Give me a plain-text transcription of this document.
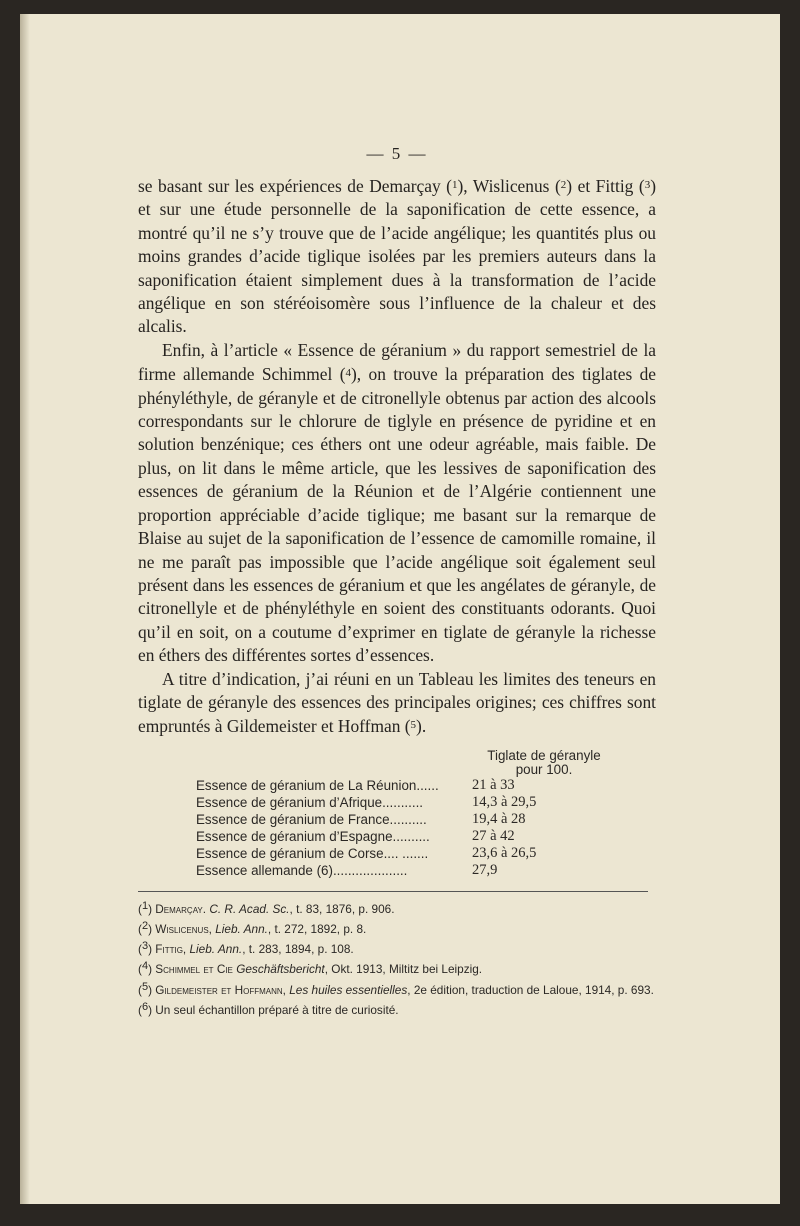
— 5 —

se basant sur les expériences de Demarçay ($^1$), Wislicenus ($^2$) et Fittig ($^3$) et sur une étude personnelle de la saponification de cette essence, a montré qu’il ne s’y trouve que de l’acide angélique; les quantités plus ou moins grandes d’acide tiglique isolées par les premiers auteurs dans la saponification étaient simplement dues à la transformation de l’acide angélique en son stéréoisomère sous l’influence de la chaleur et des alcalis.

Enfin, à l’article « Essence de géranium » du rapport semestriel de la firme allemande Schimmel ($^4$), on trouve la préparation des tiglates de phényléthyle, de géranyle et de citronellyle obtenus par action des alcools correspondants sur le chlorure de tiglyle en présence de pyridine et en solution benzénique; ces éthers ont une odeur agréable, mais faible. De plus, on lit dans le même article, que les lessives de saponification des essences de géranium de la Réunion et de l’Algérie contiennent une proportion appréciable d’acide tiglique; me basant sur la remarque de Blaise au sujet de la saponification de l’essence de camomille romaine, il ne me paraît pas impossible que l’acide angélique soit également seul présent dans les essences de géranium et que les angélates de géranyle, de citronellyle et de phényléthyle en soient des constituants odorants. Quoi qu’il en soit, on a coutume d’exprimer en tiglate de géranyle la richesse en éthers des différentes sortes d’essences.

A titre d’indication, j’ai réuni en un Tableau les limites des teneurs en tiglate de géranyle des essences des principales origines; ces chiffres sont empruntés à Gildemeister et Hoffman ($^5$).

Tiglate de géranyle
pour 100.
Essence de géranium de La Réunion......	21 à 33
Essence de géranium d’Afrique...........	14,3 à 29,5
Essence de géranium de France..........	19,4 à 28
Essence de géranium d’Espagne..........	27 à 42
Essence de géranium de Corse.... .......	23,6 à 26,5
Essence allemande (6)....................	27,9
($^1$) Demarçay. C. R. Acad. Sc., t. 83, 1876, p. 906.
($^2$) Wislicenus, Lieb. Ann., t. 272, 1892, p. 8.
($^3$) Fittig, Lieb. Ann., t. 283, 1894, p. 108.
($^4$) Schimmel et Cie Geschäftsbericht, Okt. 1913, Miltitz bei Leipzig.
($^5$) Gildemeister et Hoffmann, Les huiles essentielles, 2e édition, traduction de Laloue, 1914, p. 693.
($^6$) Un seul échantillon préparé à titre de curiosité.
